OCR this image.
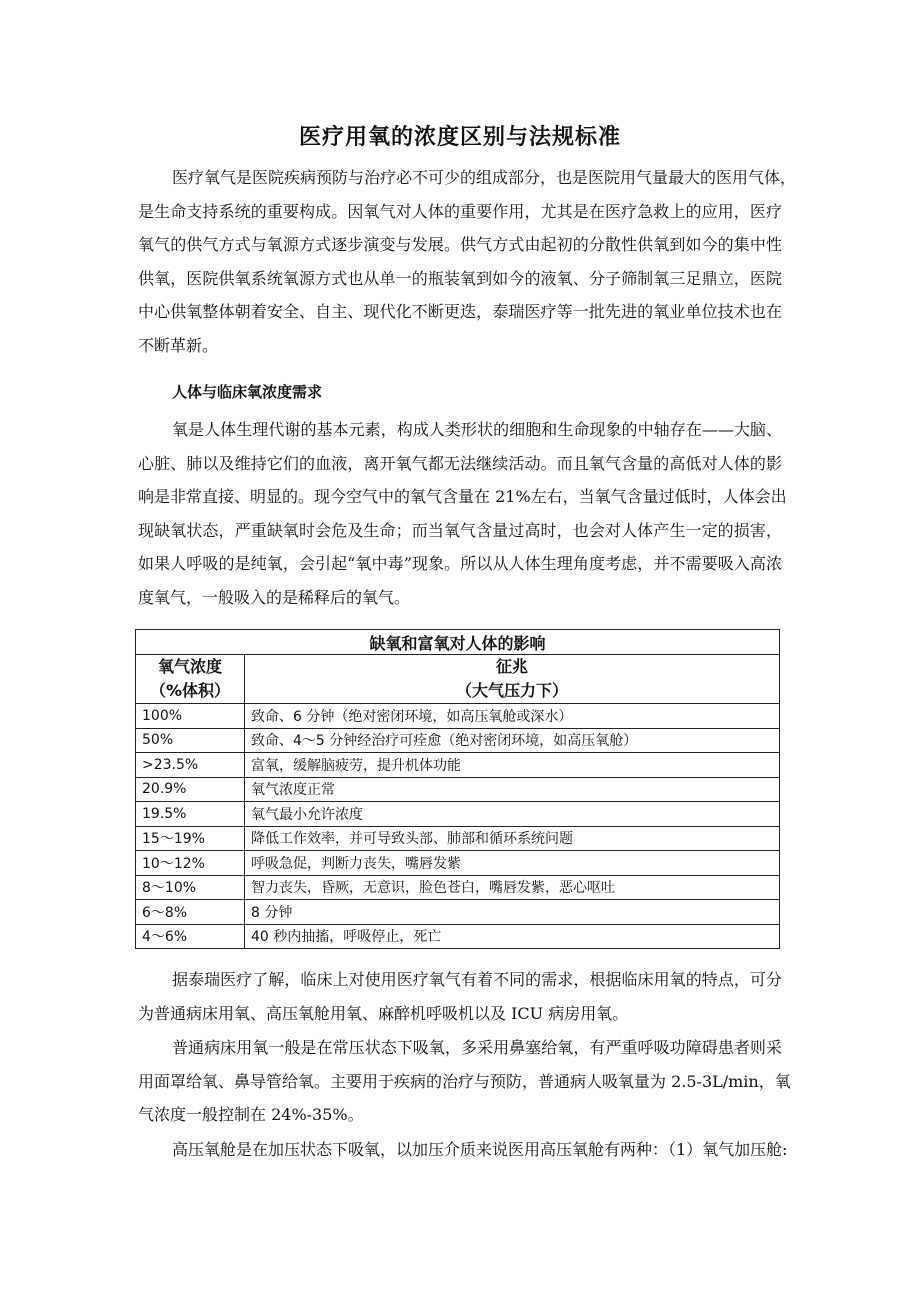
医疗用氧的浓度区别与法规标准
医疗氧气是医院疾病预防与治疗必不可少的组成部分，也是医院用气量最大的医用气体，
是生命支持系统的重要构成。因氧气对人体的重要作用，尤其是在医疗急救上的应用，医疗
氧气的供气方式与氧源方式逐步演变与发展。供气方式由起初的分散性供氧到如今的集中性
供氧，医院供氧系统氧源方式也从单一的瓶装氧到如今的液氧、分子筛制氧三足鼎立，医院
中心供氧整体朝着安全、自主、现代化不断更迭，泰瑞医疗等一批先进的氧业单位技术也在
不断革新。
人体与临床氧浓度需求
氧是人体生理代谢的基本元素，构成人类形状的细胞和生命现象的中轴存在——大脑、
心脏、肺以及维持它们的血液，离开氧气都无法继续活动。而且氧气含量的高低对人体的影
响是非常直接、明显的。现今空气中的氧气含量在 21%左右，当氧气含量过低时，人体会出
现缺氧状态，严重缺氧时会危及生命；而当氧气含量过高时，也会对人体产生一定的损害，
如果人呼吸的是纯氧，会引起“氧中毒”现象。所以从人体生理角度考虑，并不需要吸入高浓
度氧气，一般吸入的是稀释后的氧气。
缺氧和富氧对人体的影响	
氧气浓度
（%体积）	征兆
（大气压力下）
100%	致命、6 分钟（绝对密闭环境，如高压氧舱或深水）
50%	致命、4～5 分钟经治疗可痊愈（绝对密闭环境，如高压氧舱）
>23.5%	富氧，缓解脑疲劳，提升机体功能
20.9%	氧气浓度正常
19.5%	氧气最小允许浓度
15～19%	降低工作效率，并可导致头部、肺部和循环系统问题
10～12%	呼吸急促，判断力丧失，嘴唇发紫
8～10%	智力丧失，昏厥，无意识，脸色苍白，嘴唇发紫，恶心呕吐
6～8%	8 分钟
4～6%	40 秒内抽搐，呼吸停止，死亡
据泰瑞医疗了解，临床上对使用医疗氧气有着不同的需求，根据临床用氧的特点，可分
为普通病床用氧、高压氧舱用氧、麻醉机呼吸机以及 ICU 病房用氧。
普通病床用氧一般是在常压状态下吸氧，多采用鼻塞给氧，有严重呼吸功障碍患者则采
用面罩给氧、鼻导管给氧。主要用于疾病的治疗与预防，普通病人吸氧量为 2.5-3L/min，氧
气浓度一般控制在 24%-35%。
高压氧舱是在加压状态下吸氧，以加压介质来说医用高压氧舱有两种：（1）氧气加压舱:
